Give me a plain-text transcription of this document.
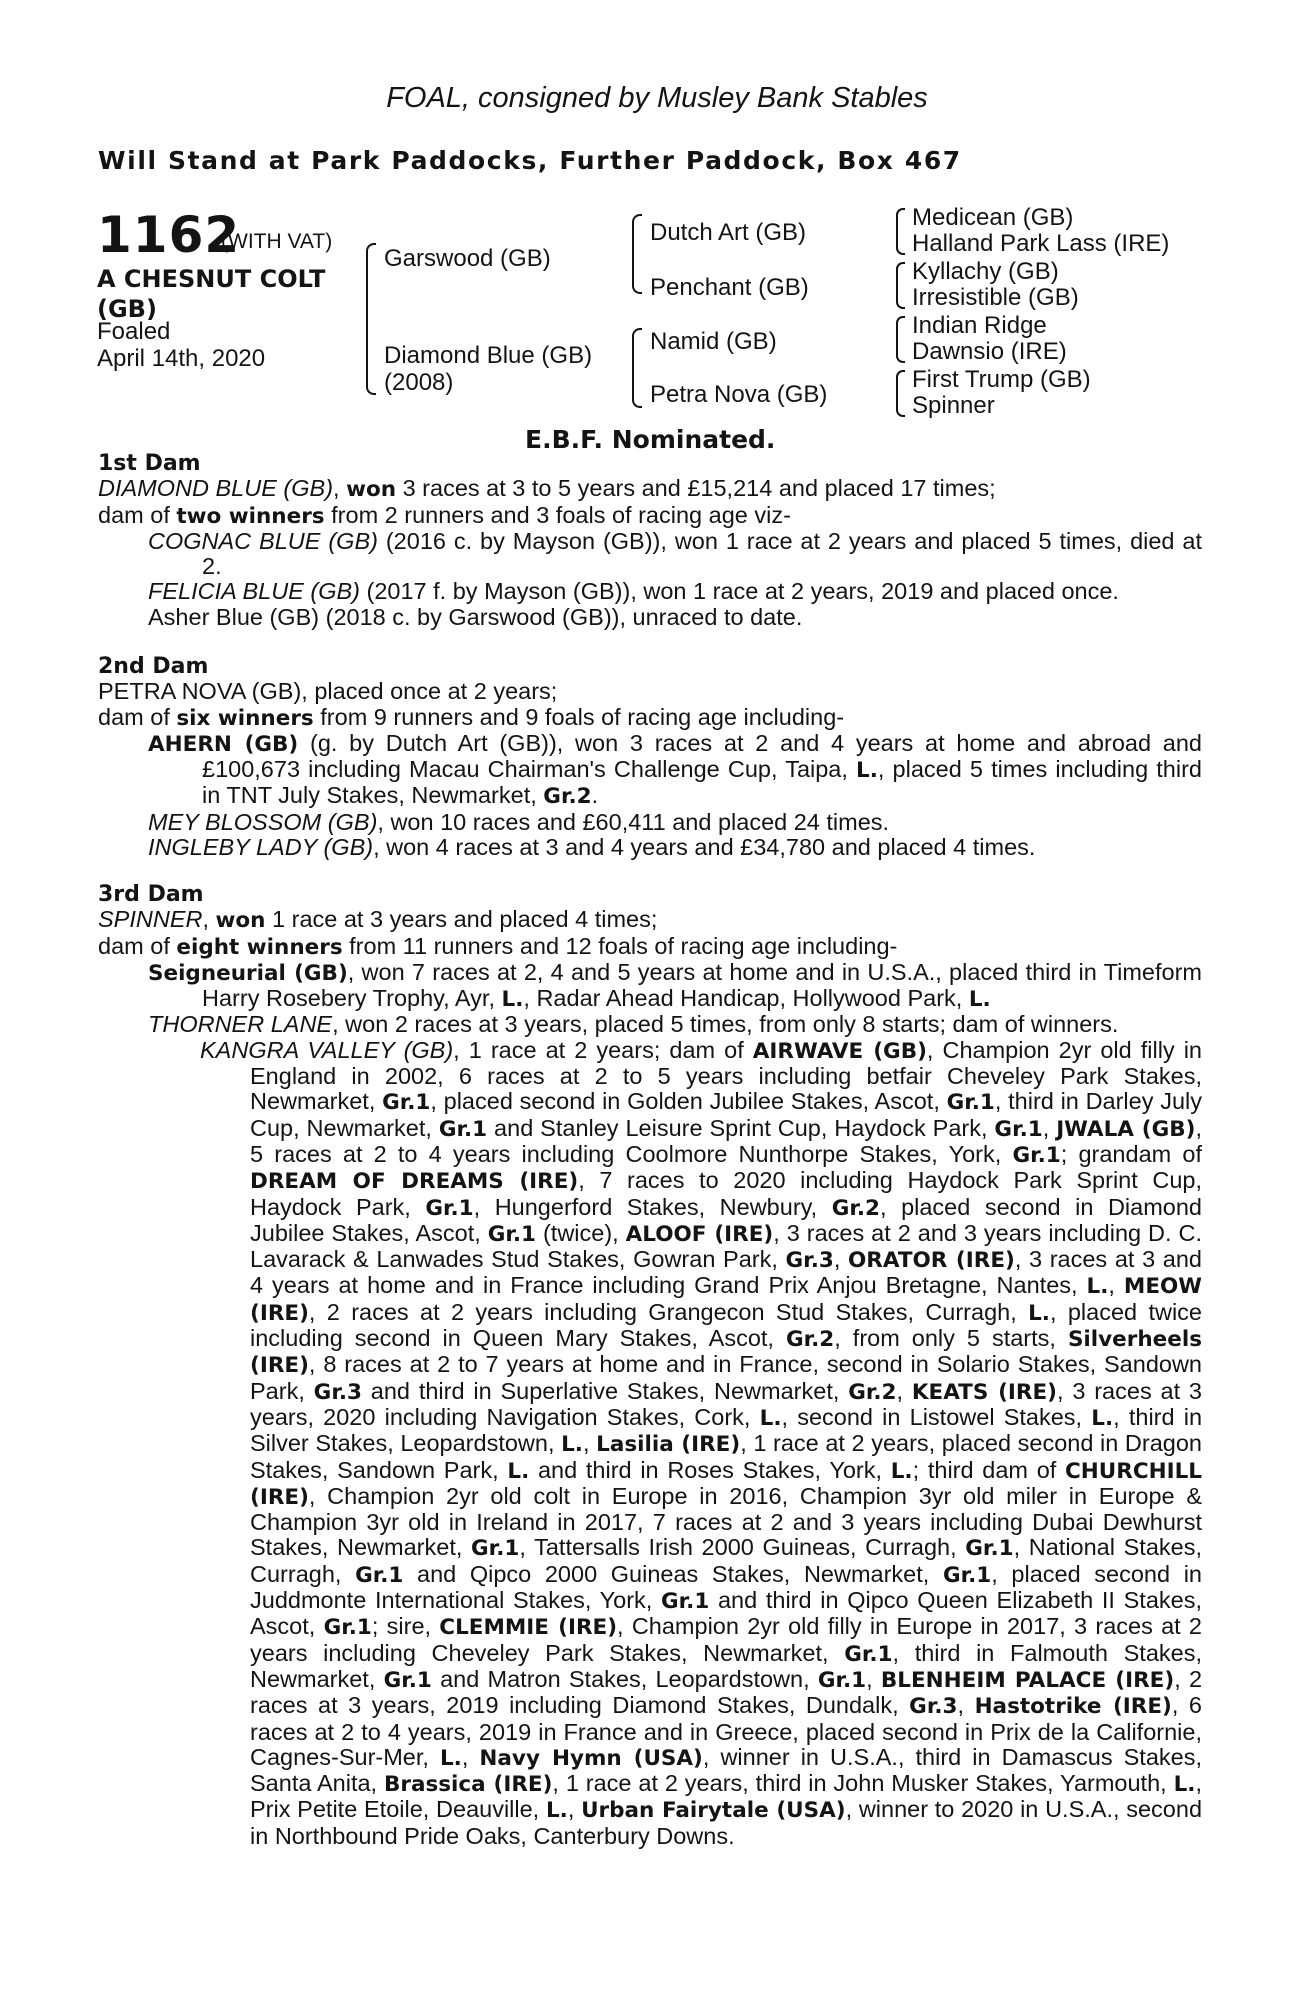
FOAL, consigned by Musley Bank Stables
Will Stand at Park Paddocks, Further Paddock, Box 467
1162
(WITH VAT)
A CHESNUT COLT
(GB)
Foaled
April 14th, 2020
Garswood (GB)
Diamond Blue (GB)
(2008)
Dutch Art (GB)
Penchant (GB)
Namid (GB)
Petra Nova (GB)
Medicean (GB)
Halland Park Lass (IRE)
Kyllachy (GB)
Irresistible (GB)
Indian Ridge
Dawnsio (IRE)
First Trump (GB)
Spinner
E.B.F. Nominated.

1st Dam

DIAMOND BLUE (GB), won 3 races at 3 to 5 years and £15,214 and placed 17 times;

dam of two winners from 2 runners and 3 foals of racing age viz-

COGNAC BLUE (GB) (2016 c. by Mayson (GB)), won 1 race at 2 years and placed 5 times, died at 2.

FELICIA BLUE (GB) (2017 f. by Mayson (GB)), won 1 race at 2 years, 2019 and placed once.

Asher Blue (GB) (2018 c. by Garswood (GB)), unraced to date.

2nd Dam

PETRA NOVA (GB), placed once at 2 years;

dam of six winners from 9 runners and 9 foals of racing age including-

AHERN (GB) (g. by Dutch Art (GB)), won 3 races at 2 and 4 years at home and abroad and £100,673 including Macau Chairman's Challenge Cup, Taipa, L., placed 5 times including third in TNT July Stakes, Newmarket, Gr.2.

MEY BLOSSOM (GB), won 10 races and £60,411 and placed 24 times.

INGLEBY LADY (GB), won 4 races at 3 and 4 years and £34,780 and placed 4 times.

3rd Dam

SPINNER, won 1 race at 3 years and placed 4 times;

dam of eight winners from 11 runners and 12 foals of racing age including-

Seigneurial (GB), won 7 races at 2, 4 and 5 years at home and in U.S.A., placed third in Timeform Harry Rosebery Trophy, Ayr, L., Radar Ahead Handicap, Hollywood Park, L.

THORNER LANE, won 2 races at 3 years, placed 5 times, from only 8 starts; dam of winners.

KANGRA VALLEY (GB), 1 race at 2 years; dam of AIRWAVE (GB), Champion 2yr old filly in England in 2002, 6 races at 2 to 5 years including betfair Cheveley Park Stakes, Newmarket, Gr.1, placed second in Golden Jubilee Stakes, Ascot, Gr.1, third in Darley July Cup, Newmarket, Gr.1 and Stanley Leisure Sprint Cup, Haydock Park, Gr.1, JWALA (GB), 5 races at 2 to 4 years including Coolmore Nunthorpe Stakes, York, Gr.1; grandam of DREAM OF DREAMS (IRE), 7 races to 2020 including Haydock Park Sprint Cup, Haydock Park, Gr.1, Hungerford Stakes, Newbury, Gr.2, placed second in Diamond Jubilee Stakes, Ascot, Gr.1 (twice), ALOOF (IRE), 3 races at 2 and 3 years including D. C. Lavarack & Lanwades Stud Stakes, Gowran Park, Gr.3, ORATOR (IRE), 3 races at 3 and 4 years at home and in France including Grand Prix Anjou Bretagne, Nantes, L., MEOW (IRE), 2 races at 2 years including Grangecon Stud Stakes, Curragh, L., placed twice including second in Queen Mary Stakes, Ascot, Gr.2, from only 5 starts, Silverheels (IRE), 8 races at 2 to 7 years at home and in France, second in Solario Stakes, Sandown Park, Gr.3 and third in Superlative Stakes, Newmarket, Gr.2, KEATS (IRE), 3 races at 3 years, 2020 including Navigation Stakes, Cork, L., second in Listowel Stakes, L., third in Silver Stakes, Leopardstown, L., Lasilia (IRE), 1 race at 2 years, placed second in Dragon Stakes, Sandown Park, L. and third in Roses Stakes, York, L.; third dam of CHURCHILL (IRE), Champion 2yr old colt in Europe in 2016, Champion 3yr old miler in Europe & Champion 3yr old in Ireland in 2017, 7 races at 2 and 3 years including Dubai Dewhurst Stakes, Newmarket, Gr.1, Tattersalls Irish 2000 Guineas, Curragh, Gr.1, National Stakes, Curragh, Gr.1 and Qipco 2000 Guineas Stakes, Newmarket, Gr.1, placed second in Juddmonte International Stakes, York, Gr.1 and third in Qipco Queen Elizabeth II Stakes, Ascot, Gr.1; sire, CLEMMIE (IRE), Champion 2yr old filly in Europe in 2017, 3 races at 2 years including Cheveley Park Stakes, Newmarket, Gr.1, third in Falmouth Stakes, Newmarket, Gr.1 and Matron Stakes, Leopardstown, Gr.1, BLENHEIM PALACE (IRE), 2 races at 3 years, 2019 including Diamond Stakes, Dundalk, Gr.3, Hastotrike (IRE), 6 races at 2 to 4 years, 2019 in France and in Greece, placed second in Prix de la Californie, Cagnes-Sur-Mer, L., Navy Hymn (USA), winner in U.S.A., third in Damascus Stakes, Santa Anita, Brassica (IRE), 1 race at 2 years, third in John Musker Stakes, Yarmouth, L., Prix Petite Etoile, Deauville, L., Urban Fairytale (USA), winner to 2020 in U.S.A., second in Northbound Pride Oaks, Canterbury Downs.
